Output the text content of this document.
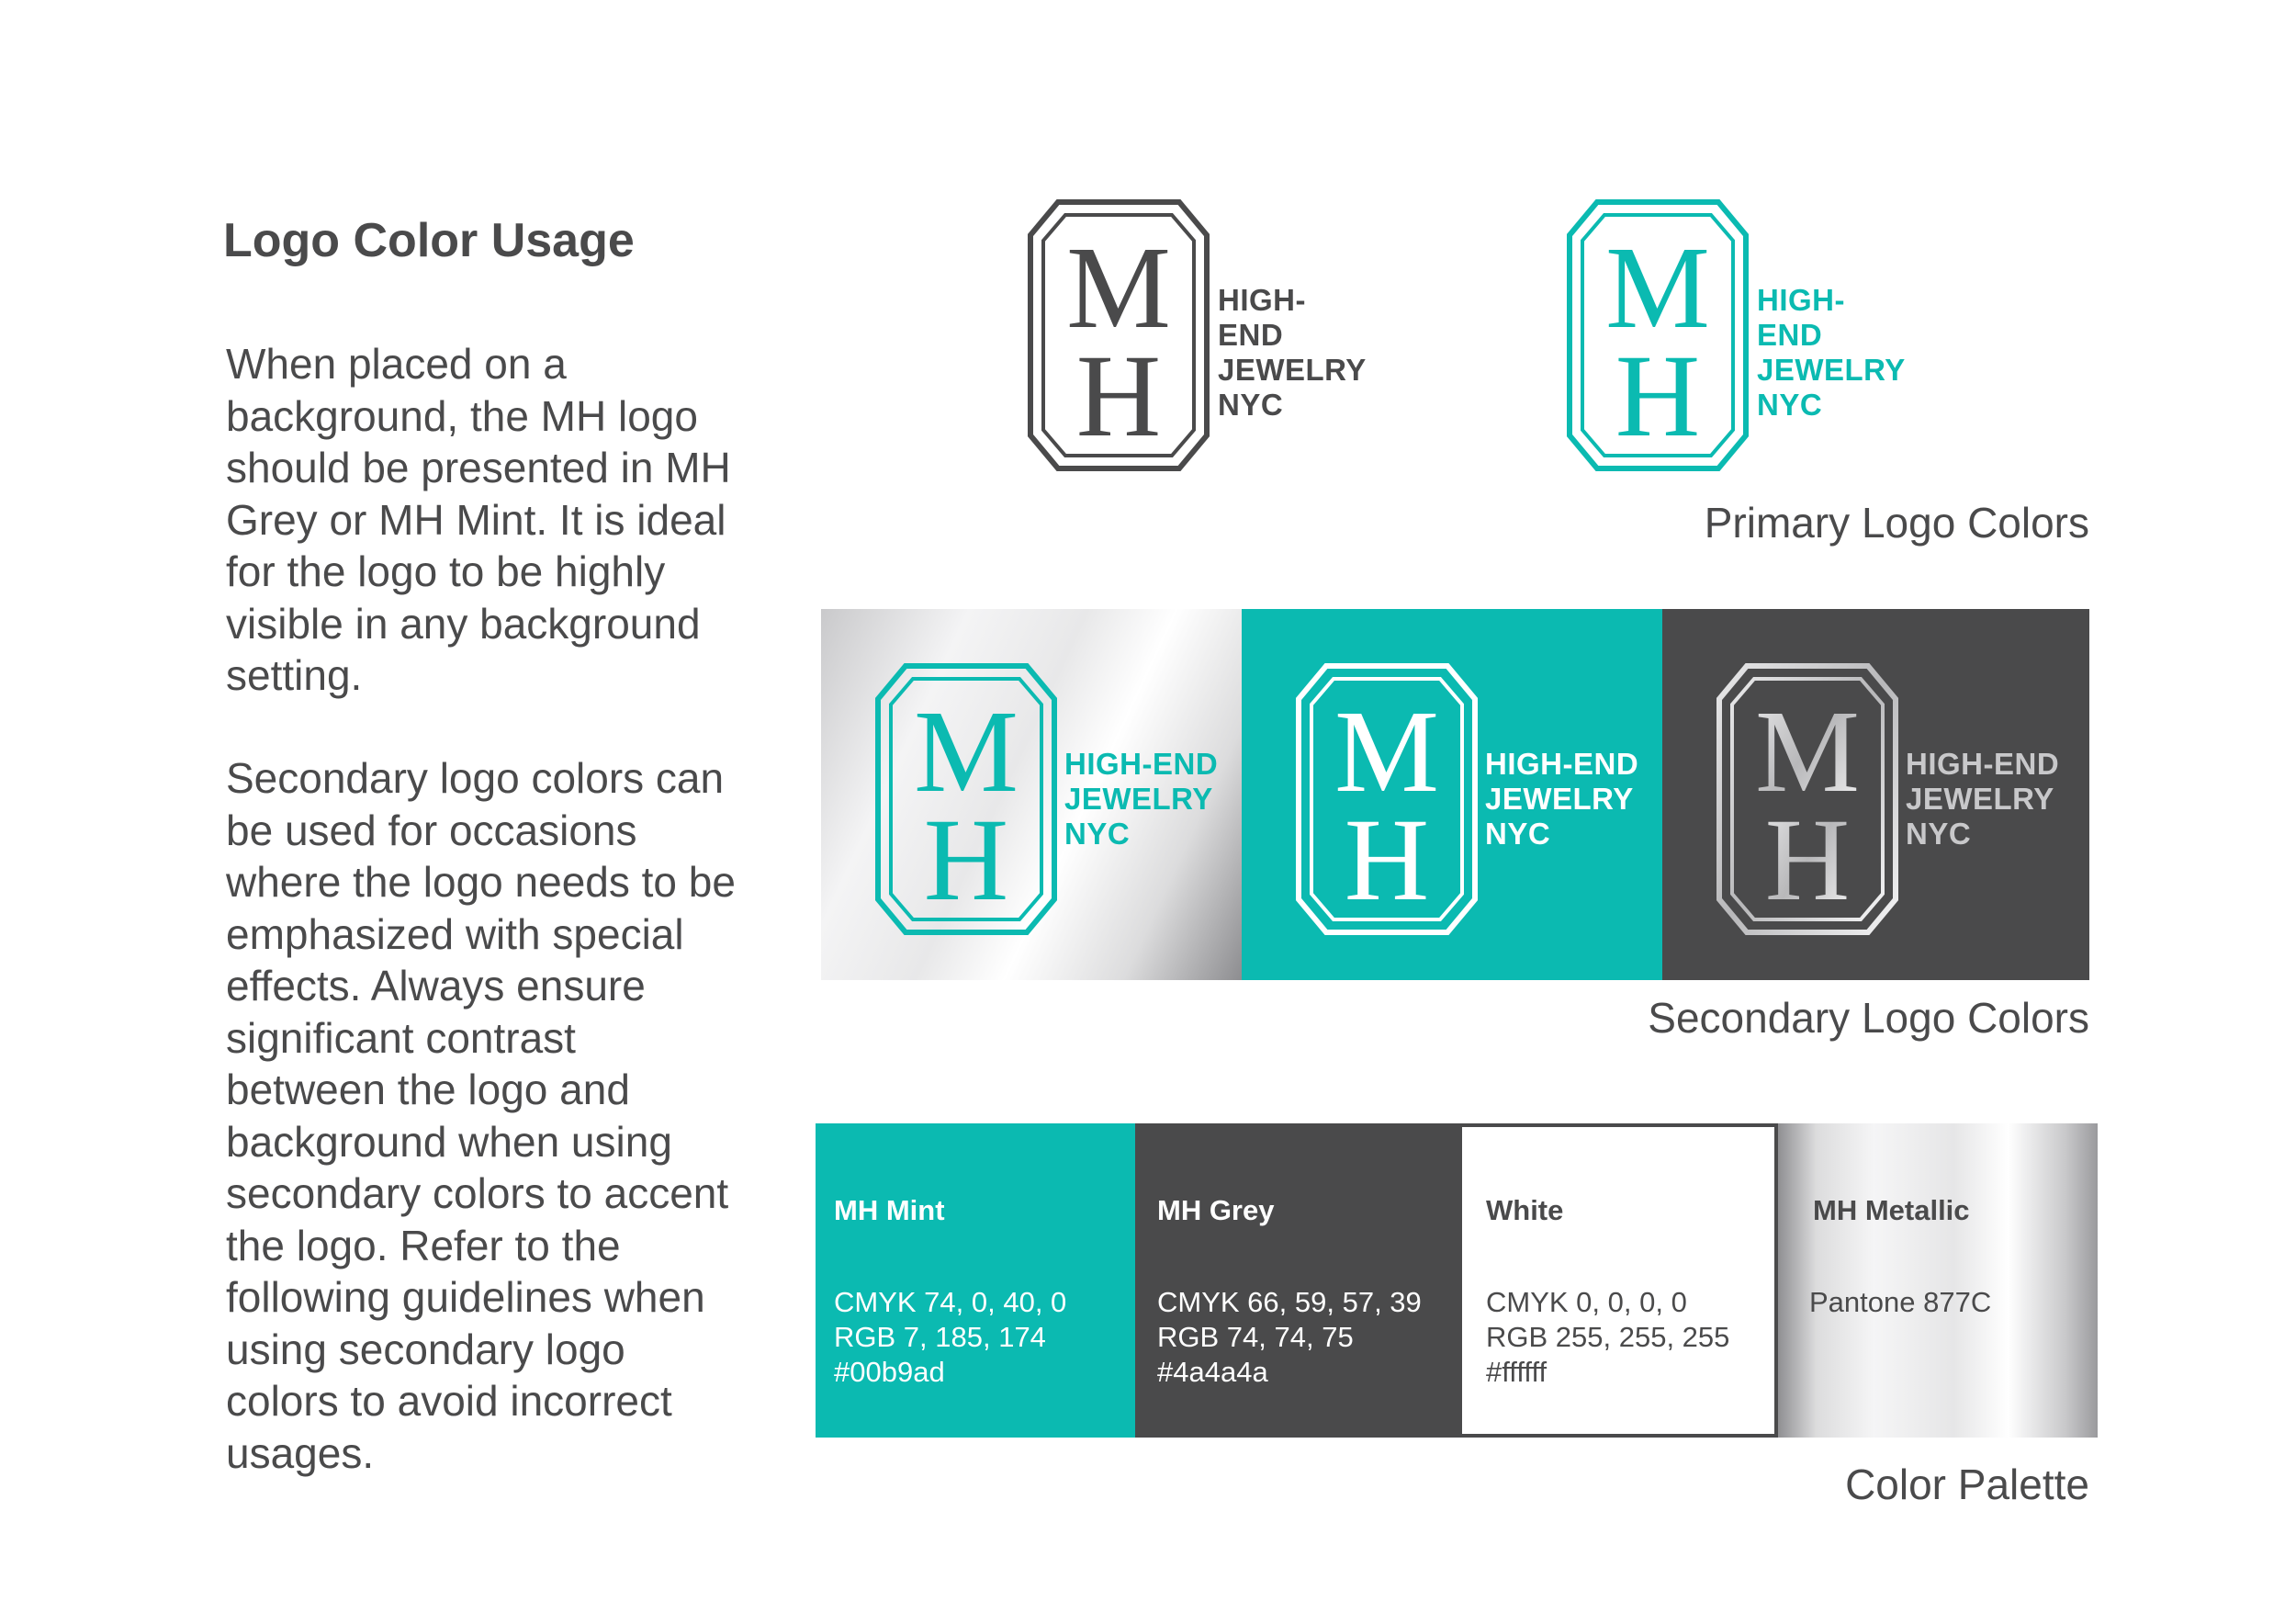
Logo Color Usage
When placed on a background, the MH logo should be presented in MH Grey or MH Mint. It is ideal for the logo to be highly visible in any background setting.
Secondary logo colors can be used for occasions where the logo needs to be emphasized with special effects. Always ensure significant contrast between the logo and background when using secondary colors to accent the logo. Refer to the following guidelines when using secondary logo colors to avoid incorrect usages.
M
H
HIGH-END
JEWELRY
NYC
M
H
HIGH-END
JEWELRY
NYC
Primary Logo Colors
M
H
HIGH-END
JEWELRY
NYC
M
H
HIGH-END
JEWELRY
NYC
M
H
HIGH-END
JEWELRY
NYC
Secondary Logo Colors
MH Mint
CMYK 74, 0, 40, 0
RGB 7, 185, 174
#00b9ad
MH Grey
CMYK 66, 59, 57, 39
RGB 74, 74, 75
#4a4a4a
White
CMYK 0, 0, 0, 0
RGB 255, 255, 255
#ffffff
MH Metallic
Pantone 877C
Color Palette
